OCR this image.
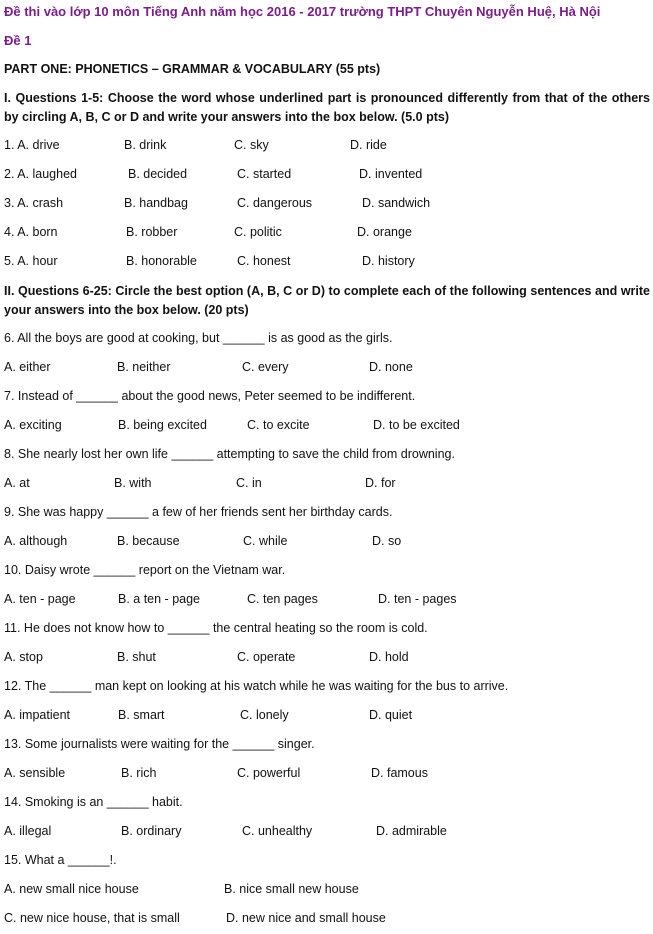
Đề thi vào lớp 10 môn Tiếng Anh năm học 2016 - 2017 trường THPT Chuyên Nguyễn Huệ, Hà Nội
Đề 1
PART ONE: PHONETICS – GRAMMAR & VOCABULARY (55 pts)
I. Questions 1-5: Choose the word whose underlined part is pronounced differently from that of the others by circling A, B, C or D and write your answers into the box below. (5.0 pts)
1. A. drive	B. drink	C. sky	D. ride
2. A. laughed	B. decided	C. started	D. invented
3. A. crash	B. handbag	C. dangerous	D. sandwich
4. A. born	B. robber	C. politic	D. orange
5. A. hour	B. honorable	C. honest	D. history
II. Questions 6-25: Circle the best option (A, B, C or D) to complete each of the following sentences and write your answers into the box below. (20 pts)
6. All the boys are good at cooking, but ______ is as good as the girls.
A. either	B. neither	C. every	D. none
7. Instead of ______ about the good news, Peter seemed to be indifferent.
A. exciting	B. being excited	C. to excite	D. to be excited
8. She nearly lost her own life ______ attempting to save the child from drowning.
A. at	B. with	C. in	D. for
9. She was happy ______ a few of her friends sent her birthday cards.
A. although	B. because	C. while	D. so
10. Daisy wrote ______ report on the Vietnam war.
A. ten - page	B. a ten - page	C. ten pages	D. ten - pages
11. He does not know how to ______ the central heating so the room is cold.
A. stop	B. shut	C. operate	D. hold
12. The ______ man kept on looking at his watch while he was waiting for the bus to arrive.
A. impatient	B. smart	C. lonely	D. quiet
13. Some journalists were waiting for the ______ singer.
A. sensible	B. rich	C. powerful	D. famous
14. Smoking is an ______ habit.
A. illegal	B. ordinary	C. unhealthy	D. admirable
15. What a ______!.
A. new small nice house	B. nice small new house
C. new nice house, that is small	D. new nice and small house
